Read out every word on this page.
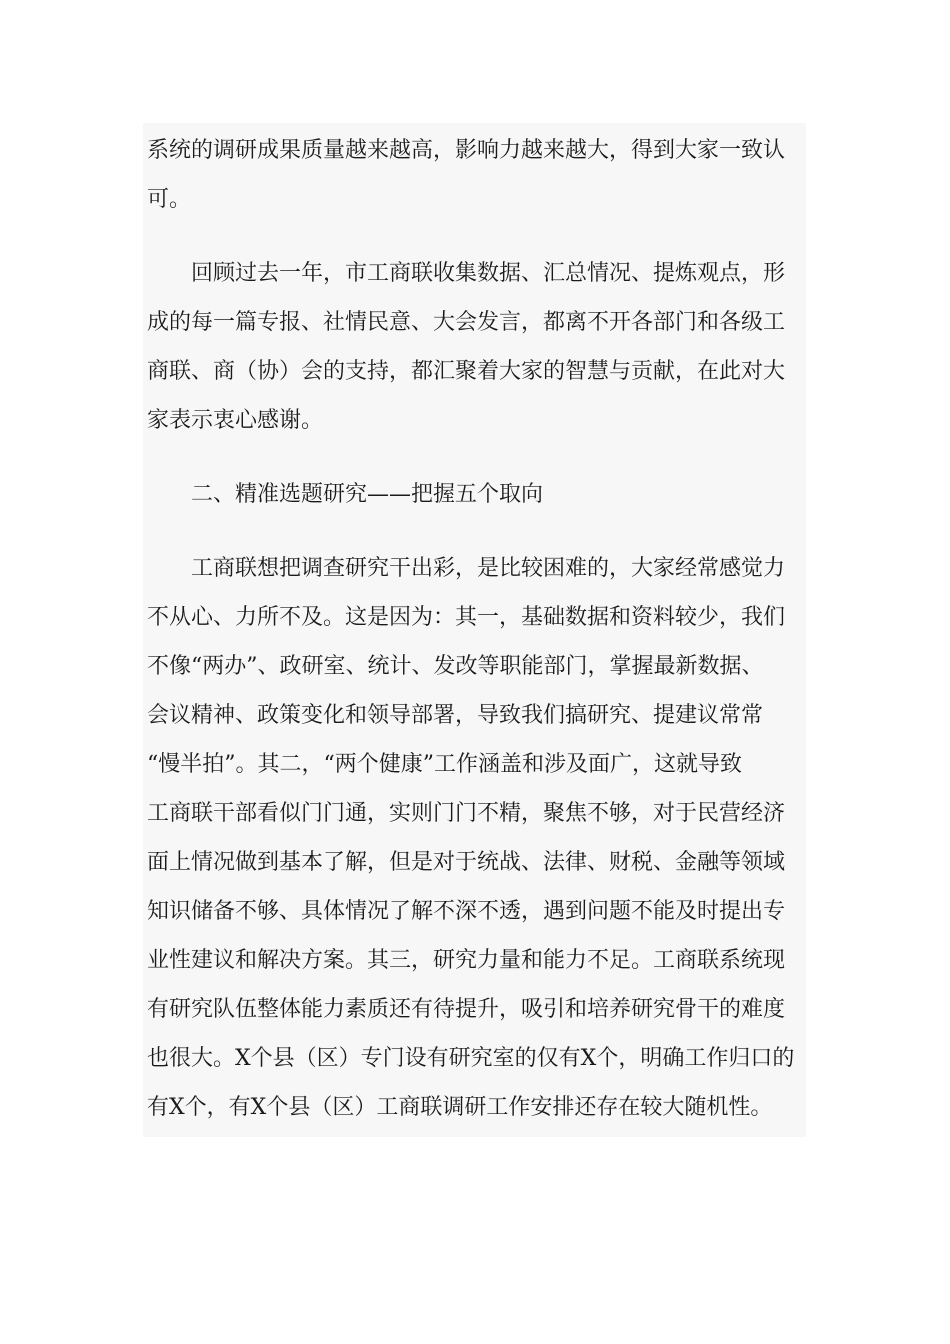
系统的调研成果质量越来越高，影响力越来越大，得到大家一致认
可。
回顾过去一年，市工商联收集数据、汇总情况、提炼观点，形
成的每一篇专报、社情民意、大会发言，都离不开各部门和各级工
商联、商（协）会的支持，都汇聚着大家的智慧与贡献，在此对大
家表示衷心感谢。
二、精准选题研究——把握五个取向
工商联想把调查研究干出彩，是比较困难的，大家经常感觉力
不从心、力所不及。这是因为：其一，基础数据和资料较少，我们
不像“两办”、政研室、统计、发改等职能部门，掌握最新数据、
会议精神、政策变化和领导部署，导致我们搞研究、提建议常常
“慢半拍”。其二，“两个健康”工作涵盖和涉及面广，这就导致
工商联干部看似门门通，实则门门不精，聚焦不够，对于民营经济
面上情况做到基本了解，但是对于统战、法律、财税、金融等领域
知识储备不够、具体情况了解不深不透，遇到问题不能及时提出专
业性建议和解决方案。其三，研究力量和能力不足。工商联系统现
有研究队伍整体能力素质还有待提升，吸引和培养研究骨干的难度
也很大。X个县（区）专门设有研究室的仅有X个，明确工作归口的
有X个，有X个县（区）工商联调研工作安排还存在较大随机性。
